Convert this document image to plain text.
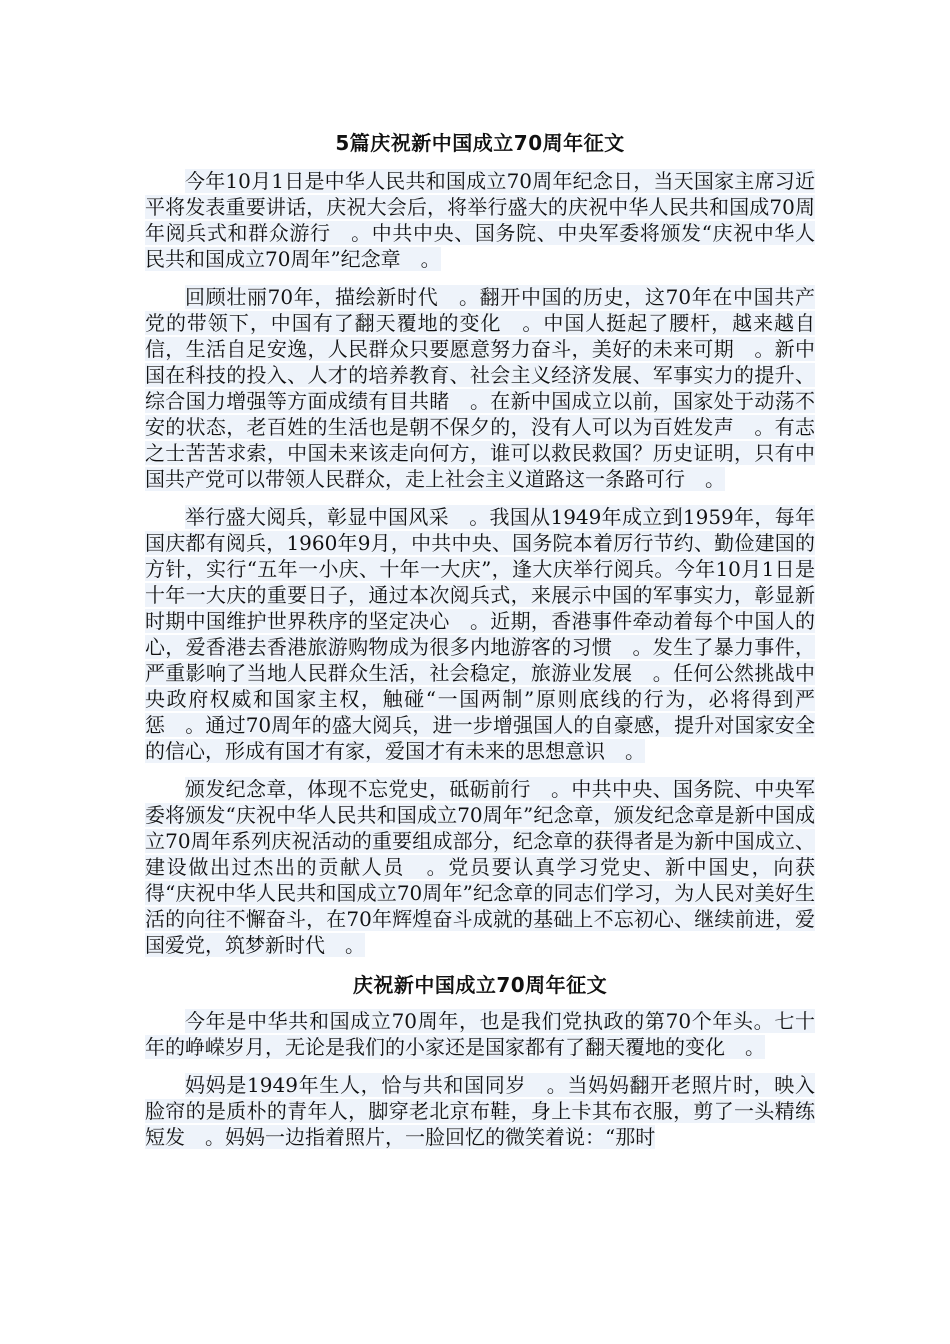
5篇庆祝新中国成立70周年征文

今年10月1日是中华人民共和国成立70周年纪念日，当天国家主席习近平将发表重要讲话，庆祝大会后，将举行盛大的庆祝中华人民共和国成70周年阅兵式和群众游行　。中共中央、国务院、中央军委将颁发“庆祝中华人民共和国成立70周年”纪念章　。

回顾壮丽70年，描绘新时代　。翻开中国的历史，这70年在中国共产党的带领下，中国有了翻天覆地的变化　。中国人挺起了腰杆，越来越自信，生活自足安逸，人民群众只要愿意努力奋斗，美好的未来可期　。新中国在科技的投入、人才的培养教育、社会主义经济发展、军事实力的提升、综合国力增强等方面成绩有目共睹　。在新中国成立以前，国家处于动荡不安的状态，老百姓的生活也是朝不保夕的，没有人可以为百姓发声　。有志之士苦苦求索，中国未来该走向何方，谁可以救民救国？历史证明，只有中国共产党可以带领人民群众，走上社会主义道路这一条路可行　。

举行盛大阅兵，彰显中国风采　。我国从1949年成立到1959年，每年国庆都有阅兵，1960年9月，中共中央、国务院本着厉行节约、勤俭建国的方针，实行“五年一小庆、十年一大庆”，逢大庆举行阅兵。今年10月1日是十年一大庆的重要日子，通过本次阅兵式，来展示中国的军事实力，彰显新时期中国维护世界秩序的坚定决心　。近期，香港事件牵动着每个中国人的心，爱香港去香港旅游购物成为很多内地游客的习惯　。发生了暴力事件，严重影响了当地人民群众生活，社会稳定，旅游业发展　。任何公然挑战中央政府权威和国家主权，触碰“一国两制”原则底线的行为，必将得到严惩　。通过70周年的盛大阅兵，进一步增强国人的自豪感，提升对国家安全的信心，形成有国才有家，爱国才有未来的思想意识　。

颁发纪念章，体现不忘党史，砥砺前行　。中共中央、国务院、中央军委将颁发“庆祝中华人民共和国成立70周年”纪念章，颁发纪念章是新中国成立70周年系列庆祝活动的重要组成部分，纪念章的获得者是为新中国成立、建设做出过杰出的贡献人员　。党员要认真学习党史、新中国史，向获得“庆祝中华人民共和国成立70周年”纪念章的同志们学习，为人民对美好生活的向往不懈奋斗，在70年辉煌奋斗成就的基础上不忘初心、继续前进，爱国爱党，筑梦新时代　。

庆祝新中国成立70周年征文

今年是中华共和国成立70周年，也是我们党执政的第70个年头。七十年的峥嵘岁月，无论是我们的小家还是国家都有了翻天覆地的变化　。

妈妈是1949年生人，恰与共和国同岁　。当妈妈翻开老照片时，映入脸帘的是质朴的青年人，脚穿老北京布鞋，身上卡其布衣服，剪了一头精练短发　。妈妈一边指着照片，一脸回忆的微笑着说：“那时
